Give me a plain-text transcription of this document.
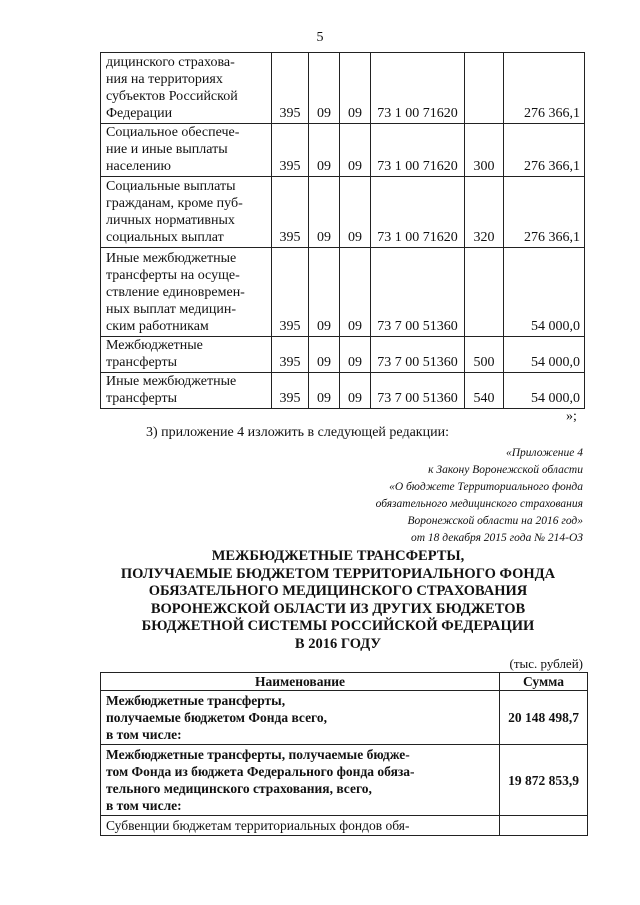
5
дицинского страхова-
ния на территориях
субъектов Российской
Федерации	395	09	09	73 1 00 71620		276 366,1
Социальное обеспече-
ние и иные выплаты
населению	395	09	09	73 1 00 71620	300	276 366,1
Социальные выплаты
гражданам, кроме пуб-
личных нормативных
социальных выплат	395	09	09	73 1 00 71620	320	276 366,1
Иные межбюджетные
трансферты на осуще-
ствление единовремен-
ных выплат медицин-
ским работникам	395	09	09	73 7 00 51360		54 000,0
Межбюджетные
трансферты	395	09	09	73 7 00 51360	500	54 000,0
Иные межбюджетные
трансферты	395	09	09	73 7 00 51360	540	54 000,0
»;
3) приложение 4 изложить в следующей редакции:
«Приложение 4
к Закону Воронежской области
«О бюджете Территориального фонда
обязательного медицинского страхования
Воронежской области на 2016 год»
от 18 декабря 2015 года № 214-ОЗ
МЕЖБЮДЖЕТНЫЕ ТРАНСФЕРТЫ,
ПОЛУЧАЕМЫЕ БЮДЖЕТОМ ТЕРРИТОРИАЛЬНОГО ФОНДА
ОБЯЗАТЕЛЬНОГО МЕДИЦИНСКОГО СТРАХОВАНИЯ
ВОРОНЕЖСКОЙ ОБЛАСТИ ИЗ ДРУГИХ БЮДЖЕТОВ
БЮДЖЕТНОЙ СИСТЕМЫ РОССИЙСКОЙ ФЕДЕРАЦИИ
В 2016 ГОДУ
(тыс. рублей)
Наименование	Сумма
Межбюджетные трансферты,
получаемые бюджетом Фонда всего,
в том числе:	20 148 498,7
Межбюджетные трансферты, получаемые бюдже-
том Фонда из бюджета Федерального фонда обяза-
тельного медицинского страхования, всего,
в том числе:	19 872 853,9
Субвенции бюджетам территориальных фондов обя-	
